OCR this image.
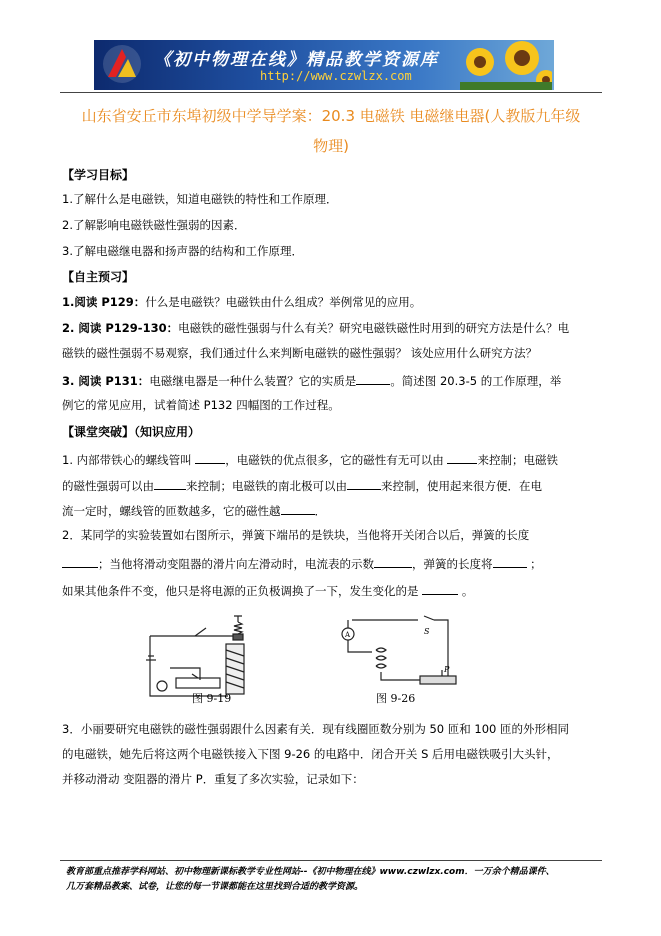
《初中物理在线》精品教学资源库
http://www.czwlzx.com
山东省安丘市东埠初级中学导学案：20.3 电磁铁 电磁继电器(人教版九年级
物理)
【学习目标】
1.了解什么是电磁铁，知道电磁铁的特性和工作原理．
2.了解影响电磁铁磁性强弱的因素．
3.了解电磁继电器和扬声器的结构和工作原理．
【自主预习】
1.阅读 P129：什么是电磁铁？电磁铁由什么组成？举例常见的应用。
2. 阅读 P129-130：电磁铁的磁性强弱与什么有关？研究电磁铁磁性时用到的研究方法是什么？电
磁铁的磁性强弱不易观察，我们通过什么来判断电磁铁的磁性强弱？ 该处应用什么研究方法？
3. 阅读 P131：电磁继电器是一种什么装置？它的实质是	。简述图 20.3-5 的工作原理，举
例它的常见应用，试着简述 P132 四幅图的工作过程。
【课堂突破】（知识应用）
1. 内部带铁心的螺线管叫	，电磁铁的优点很多，它的磁性有无可以由	来控制；电磁铁
的磁性强弱可以由	来控制；电磁铁的南北极可以由	来控制，使用起来很方便．在电
流一定时，螺线管的匝数越多，它的磁性越	．
2．某同学的实验装置如右图所示，弹簧下端吊的是铁块，当他将开关闭合以后，弹簧的长度
；当他将滑动变阻器的滑片向左滑动时，电流表的示数	，弹簧的长度将	；
如果其他条件不变，他只是将电源的正负极调换了一下，发生变化的是	。
图 9-19
A	S
P
图 9-26
3．小丽要研究电磁铁的磁性强弱跟什么因素有关．现有线圈匝数分别为 50 匝和 100 匝的外形相同
的电磁铁，她先后将这两个电磁铁接入下图 9-26 的电路中．闭合开关 S 后用电磁铁吸引大头针，
并移动滑动 变阻器的滑片 P．重复了多次实验，记录如下：
教育部重点推荐学科网站、初中物理新课标教学专业性网站--《初中物理在线》www.czwlzx.com．一万余个精品课件、
几万套精品教案、试卷，让您的每一节课都能在这里找到合适的教学资源。
